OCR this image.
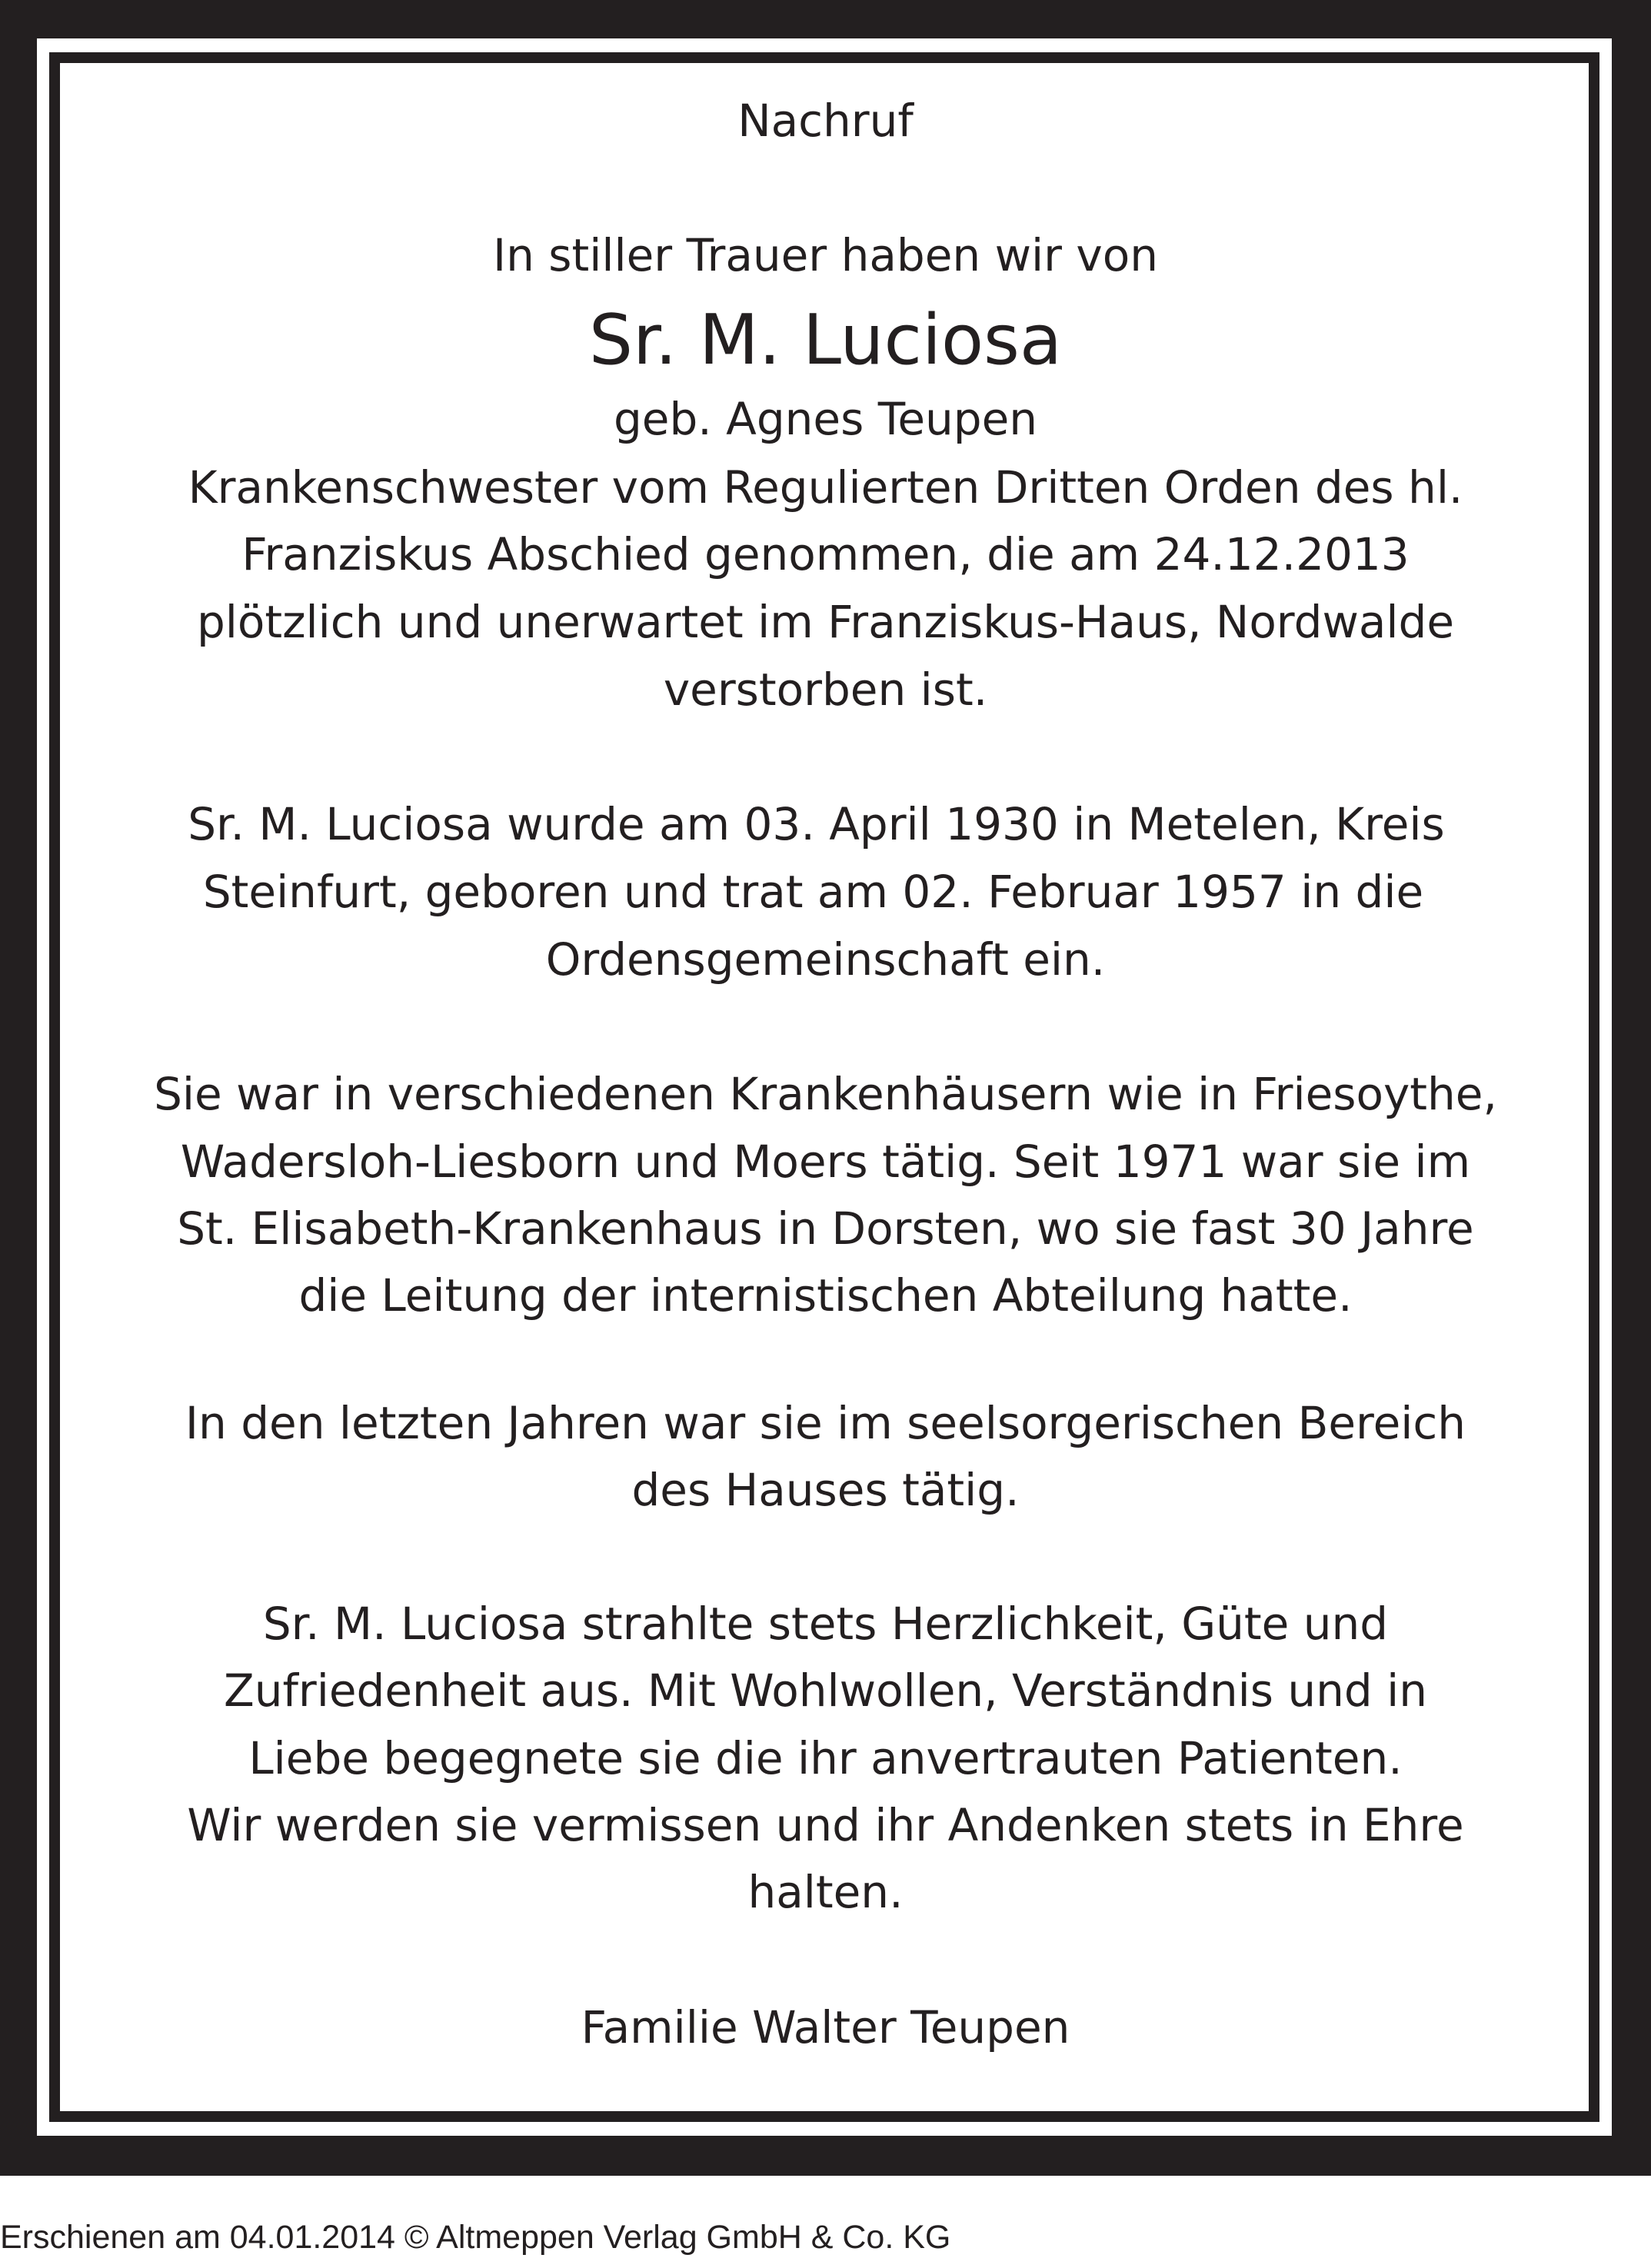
Nachruf
In stiller Trauer haben wir von
Sr. M. Luciosa
geb. Agnes Teupen
Krankenschwester vom Regulierten Dritten Orden des hl.
Franziskus Abschied genommen, die am 24.12.2013
plötzlich und unerwartet im Franziskus-Haus, Nordwalde
verstorben ist.
Sr. M. Luciosa wurde am 03. April 1930 in Metelen, Kreis
Steinfurt, geboren und trat am 02. Februar 1957 in die
Ordensgemeinschaft ein.
Sie war in verschiedenen Krankenhäusern wie in Friesoythe,
Wadersloh-Liesborn und Moers tätig. Seit 1971 war sie im
St. Elisabeth-Krankenhaus in Dorsten, wo sie fast 30 Jahre
die Leitung der internistischen Abteilung hatte.
In den letzten Jahren war sie im seelsorgerischen Bereich
des Hauses tätig.
Sr. M. Luciosa strahlte stets Herzlichkeit, Güte und
Zufriedenheit aus. Mit Wohlwollen, Verständnis und in
Liebe begegnete sie die ihr anvertrauten Patienten.
Wir werden sie vermissen und ihr Andenken stets in Ehre
halten.
Familie Walter Teupen
Erschienen am 04.01.2014 © Altmeppen Verlag GmbH & Co. KG
